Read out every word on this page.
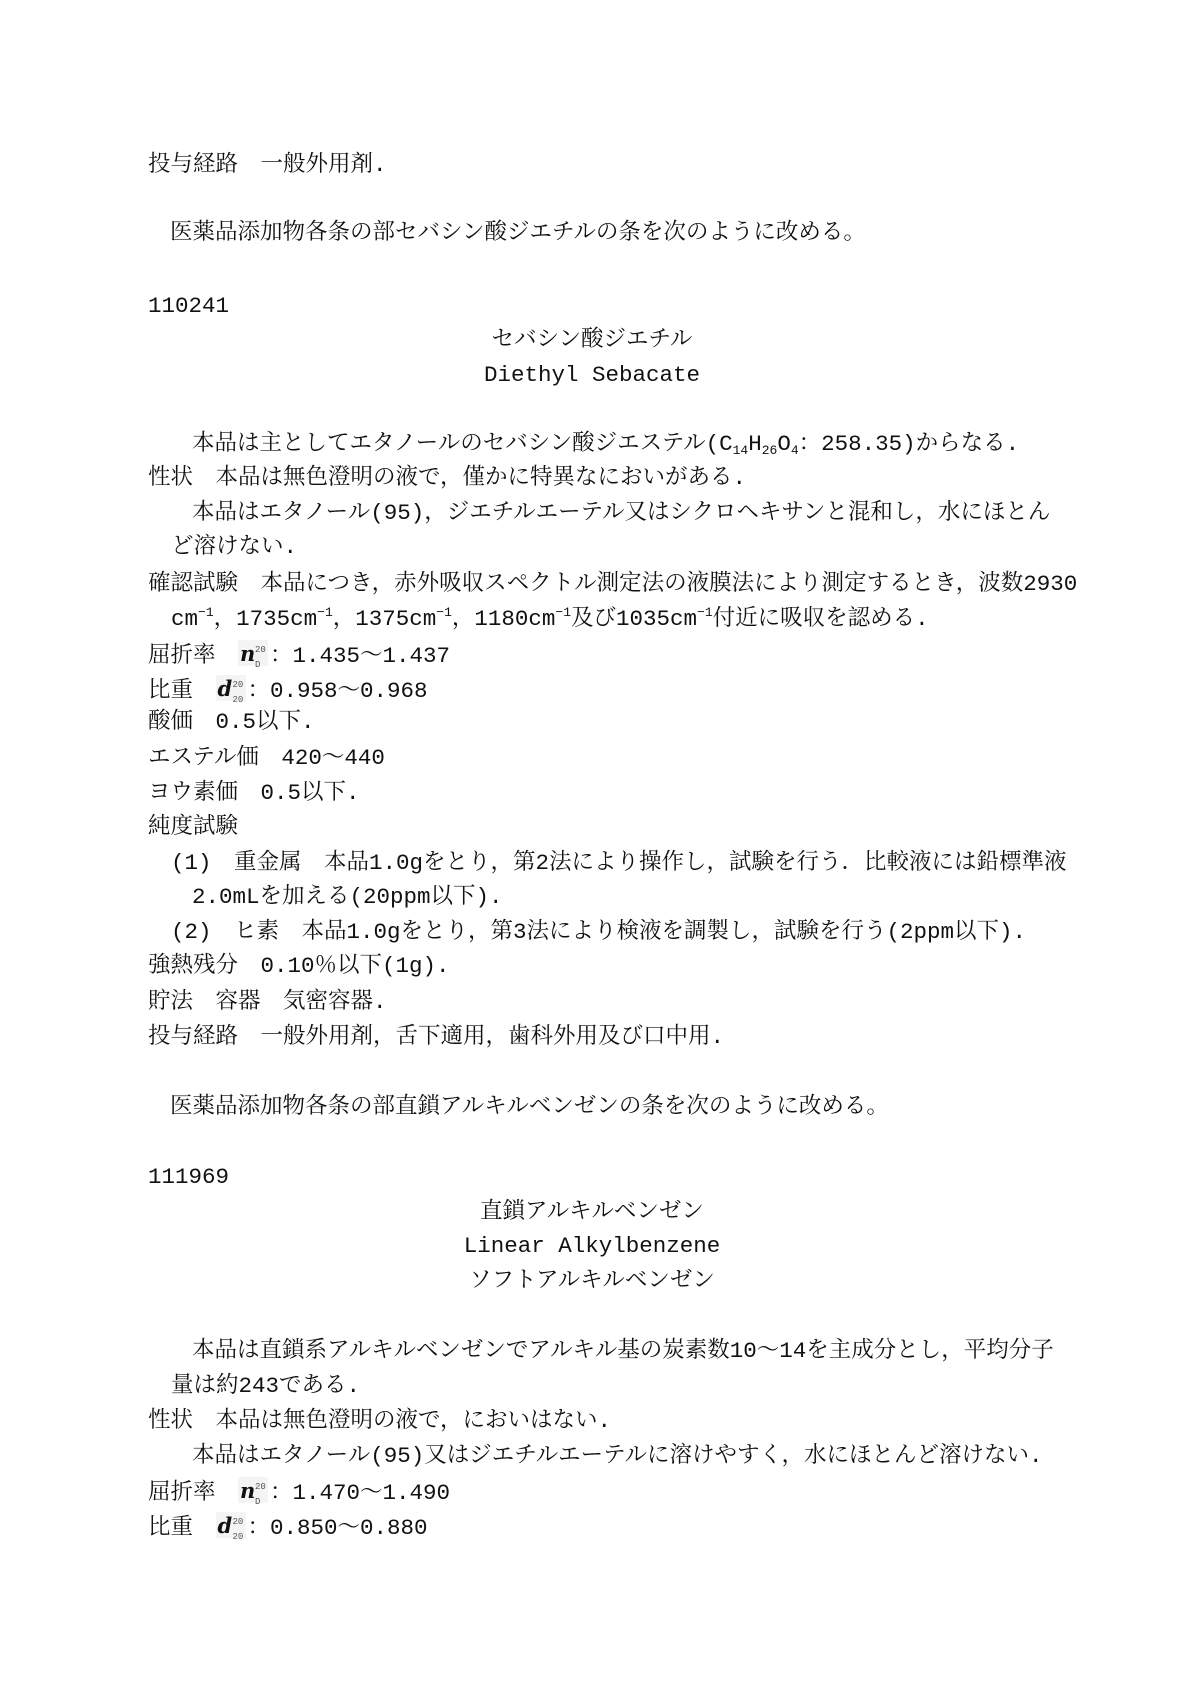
投与経路　一般外用剤.
医薬品添加物各条の部セバシン酸ジエチルの条を次のように改める。
110241
セバシン酸ジエチル
Diethyl Sebacate
本品は主としてエタノールのセバシン酸ジエステル($C_{14}H_{26}O_4$：258.35)からなる.
性状　本品は無色澄明の液で，僅かに特異なにおいがある.
本品はエタノール(95)，ジエチルエーテル又はシクロヘキサンと混和し，水にほとん
ど溶けない.
確認試験　本品につき，赤外吸収スペクトル測定法の液膜法により測定するとき，波数2930
$cm^{-1}$，$1735cm^{-1}$，$1375cm^{-1}$，$1180cm^{-1}$及び$1035cm^{-1}$付近に吸収を認める.
屈折率　 n 20
D ：1.435〜1.437
比重　 d 20
20 ：0.958〜0.968
酸価　0.5以下.
エステル価　420〜440
ヨウ素価　0.5以下.
純度試験
(1)　重金属　本品1.0gをとり，第2法により操作し，試験を行う．比較液には鉛標準液
2.0mLを加える(20ppm以下).
(2)　ヒ素　本品1.0gをとり，第3法により検液を調製し，試験を行う(2ppm以下).
強熱残分　0.10％以下(1g).
貯法　容器　気密容器.
投与経路　一般外用剤，舌下適用，歯科外用及び口中用.
医薬品添加物各条の部直鎖アルキルベンゼンの条を次のように改める。
111969
直鎖アルキルベンゼン
Linear Alkylbenzene
ソフトアルキルベンゼン
本品は直鎖系アルキルベンゼンでアルキル基の炭素数10〜14を主成分とし，平均分子
量は約243である.
性状　本品は無色澄明の液で，においはない.
本品はエタノール(95)又はジエチルエーテルに溶けやすく，水にほとんど溶けない.
屈折率　 n 20
D ：1.470〜1.490
比重　 d 20
20 ：0.850〜0.880
